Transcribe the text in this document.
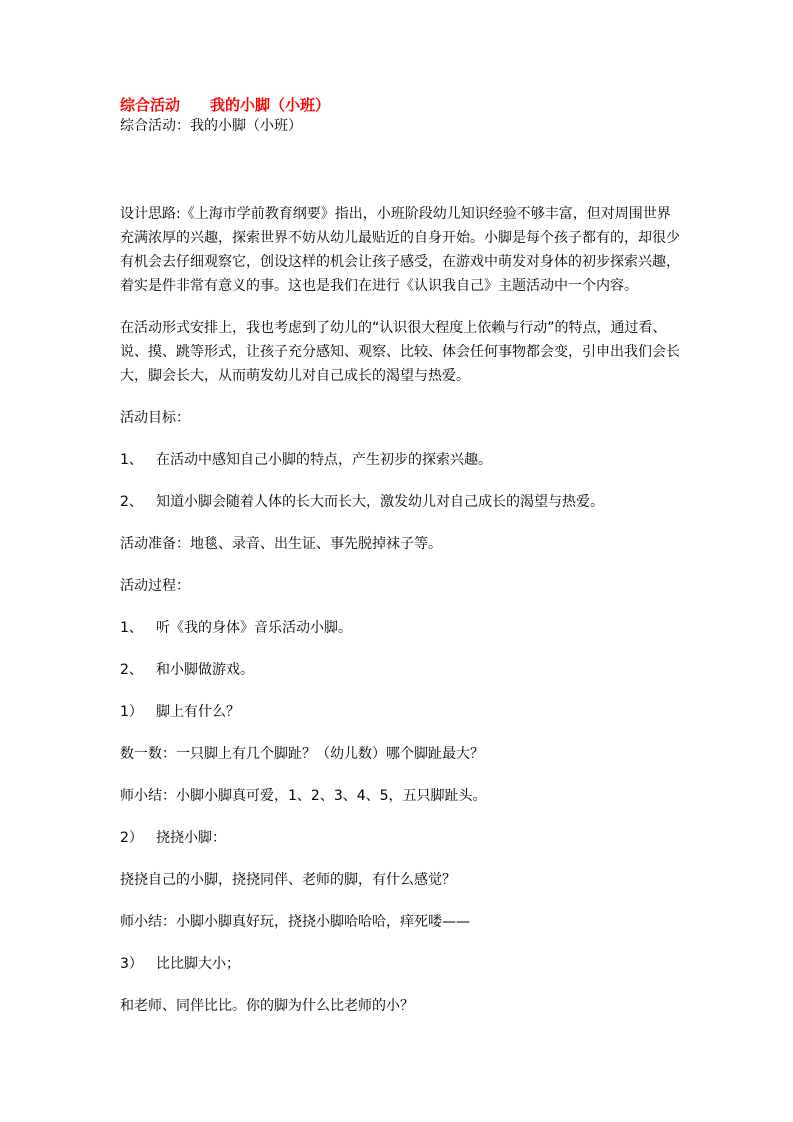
综合活动　　我的小脚（小班）
综合活动：我的小脚（小班）

设计思路:《上海市学前教育纲要》指出，小班阶段幼儿知识经验不够丰富，但对周围世界充满浓厚的兴趣，探索世界不妨从幼儿最贴近的自身开始。小脚是每个孩子都有的，却很少有机会去仔细观察它，创设这样的机会让孩子感受，在游戏中萌发对身体的初步探索兴趣，着实是件非常有意义的事。这也是我们在进行《认识我自己》主题活动中一个内容。

在活动形式安排上，我也考虑到了幼儿的“认识很大程度上依赖与行动”的特点，通过看、说、摸、跳等形式，让孩子充分感知、观察、比较、体会任何事物都会变，引申出我们会长大，脚会长大，从而萌发幼儿对自己成长的渴望与热爱。

活动目标：

1、 在活动中感知自己小脚的特点，产生初步的探索兴趣。

2、 知道小脚会随着人体的长大而长大，激发幼儿对自己成长的渴望与热爱。

活动准备：地毯、录音、出生证、事先脱掉袜子等。

活动过程：

1、 听《我的身体》音乐活动小脚。

2、 和小脚做游戏。

1） 脚上有什么？

数一数：一只脚上有几个脚趾？（幼儿数）哪个脚趾最大？

师小结：小脚小脚真可爱，1、2、3、4、5，五只脚趾头。

2） 挠挠小脚：

挠挠自己的小脚，挠挠同伴、老师的脚，有什么感觉？

师小结：小脚小脚真好玩，挠挠小脚哈哈哈，痒死喽——

3） 比比脚大小；

和老师、同伴比比。你的脚为什么比老师的小？
